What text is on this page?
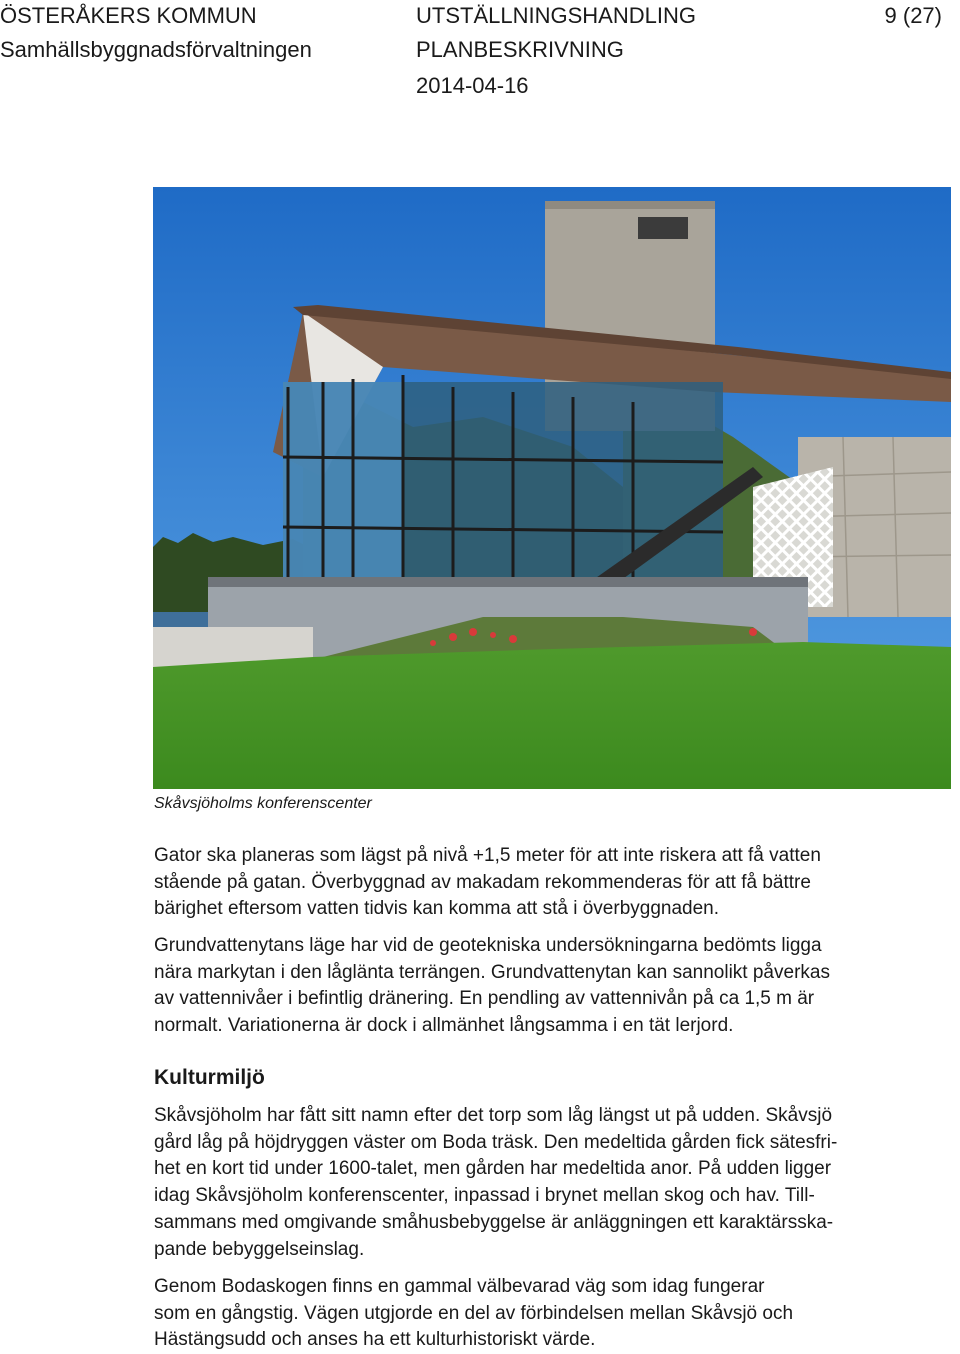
ÖSTERÅKERS KOMMUN
Samhällsbyggnadsförvaltningen
UTSTÄLLNINGSHANDLING
PLANBESKRIVNING
2014-04-16
9 (27)
Skåvsjöholms konferenscenter
Gator ska planeras som lägst på nivå +1,5 meter för att inte riskera att få vatten
stående på gatan. Överbyggnad av makadam rekommenderas för att få bättre
bärighet eftersom vatten tidvis kan komma att stå i överbyggnaden.
Grundvattenytans läge har vid de geotekniska undersökningarna bedömts ligga
nära markytan i den låglänta terrängen. Grundvattenytan kan sannolikt påverkas
av vattennivåer i befintlig dränering. En pendling av vattennivån på ca 1,5 m är
normalt. Variationerna är dock i allmänhet långsamma i en tät lerjord.
Kulturmiljö
Skåvsjöholm har fått sitt namn efter det torp som låg längst ut på udden. Skåvsjö
gård låg på höjdryggen väster om Boda träsk. Den medeltida gården fick sätesfri-
het en kort tid under 1600-talet, men gården har medeltida anor. På udden ligger
idag Skåvsjöholm konferenscenter, inpassad i brynet mellan skog och hav. Till-
sammans med omgivande småhusbebyggelse är anläggningen ett karaktärsska-
pande bebyggelseinslag.
Genom Bodaskogen finns en gammal välbevarad väg som idag fungerar
som en gångstig. Vägen utgjorde en del av förbindelsen mellan Skåvsjö och
Hästängsudd och anses ha ett kulturhistoriskt värde.
